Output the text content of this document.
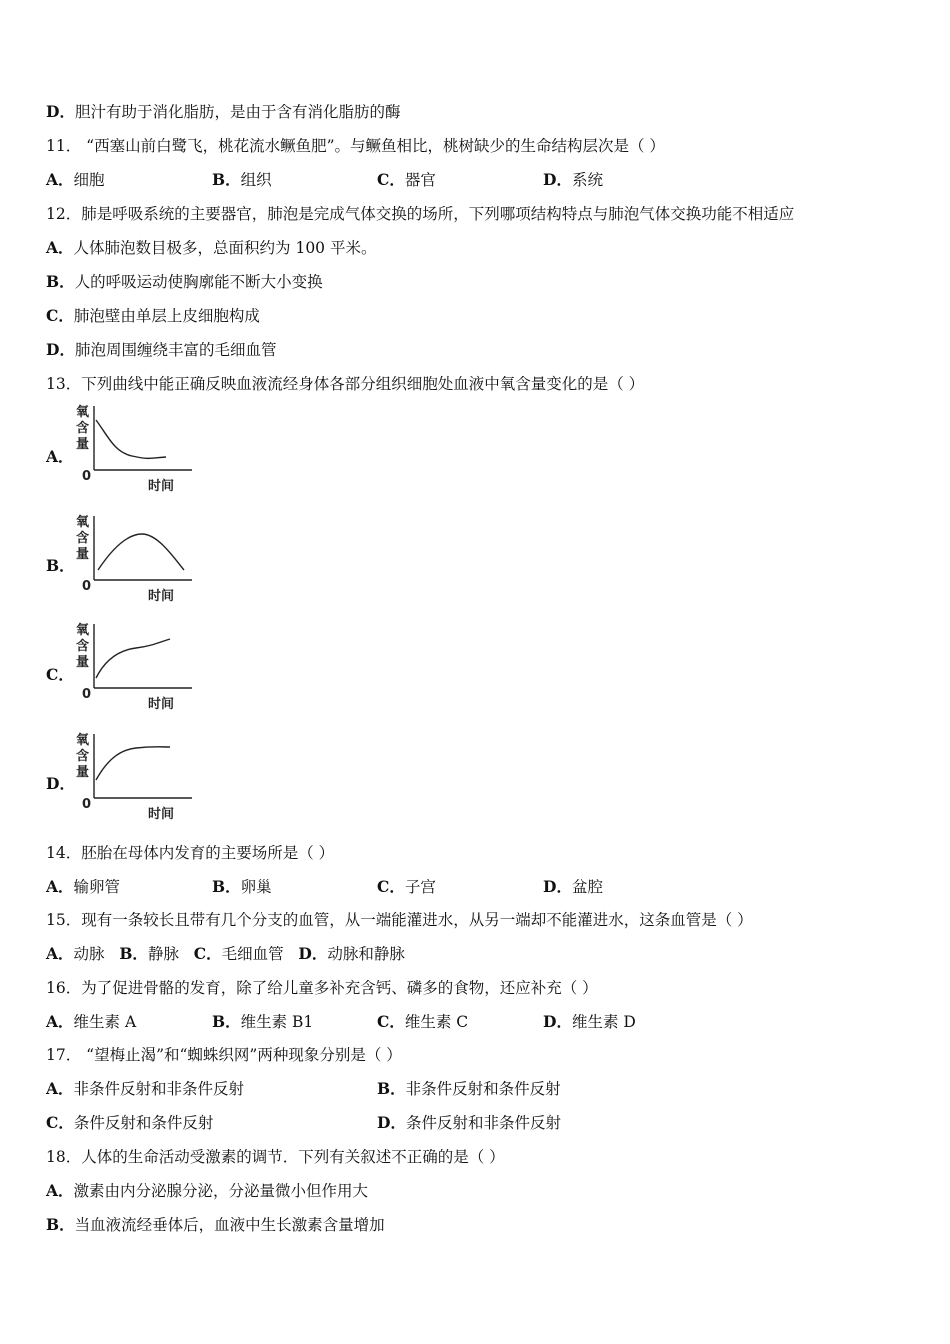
D．胆汁有助于消化脂肪，是由于含有消化脂肪的酶
11． “西塞山前白鹭飞，桃花流水鳜鱼肥”。与鳜鱼相比，桃树缺少的生命结构层次是（ ）
A．细胞	B．组织	C．器官	D．系统
12．肺是呼吸系统的主要器官，肺泡是完成气体交换的场所，下列哪项结构特点与肺泡气体交换功能不相适应
A．人体肺泡数目极多，总面积约为 100 平米。
B．人的呼吸运动使胸廓能不断大小变换
C．肺泡壁由单层上皮细胞构成
D．肺泡周围缠绕丰富的毛细血管
13．下列曲线中能正确反映血液流经身体各部分组织细胞处血液中氧含量变化的是（ ）
A．
氧
含
量
0
时间
B．
氧
含
量
0
时间
C．
氧
含
量
0
时间
D．
氧
含
量
0
时间
14．胚胎在母体内发育的主要场所是（ ）
A．输卵管	B．卵巢	C．子宫	D．盆腔
15．现有一条较长且带有几个分支的血管，从一端能灌进水，从另一端却不能灌进水，这条血管是（ ）
A．动脉 B．静脉 C．毛细血管 D．动脉和静脉
16．为了促进骨骼的发育，除了给儿童多补充含钙、磷多的食物，还应补充（ ）
A．维生素 A	B．维生素 B1	C．维生素 C	D．维生素 D
17． “望梅止渴”和“蜘蛛织网”两种现象分别是（ ）
A．非条件反射和非条件反射	B．非条件反射和条件反射
C．条件反射和条件反射	D．条件反射和非条件反射
18．人体的生命活动受激素的调节．下列有关叙述不正确的是（ ）
A．激素由内分泌腺分泌，分泌量微小但作用大
B．当血液流经垂体后，血液中生长激素含量增加
